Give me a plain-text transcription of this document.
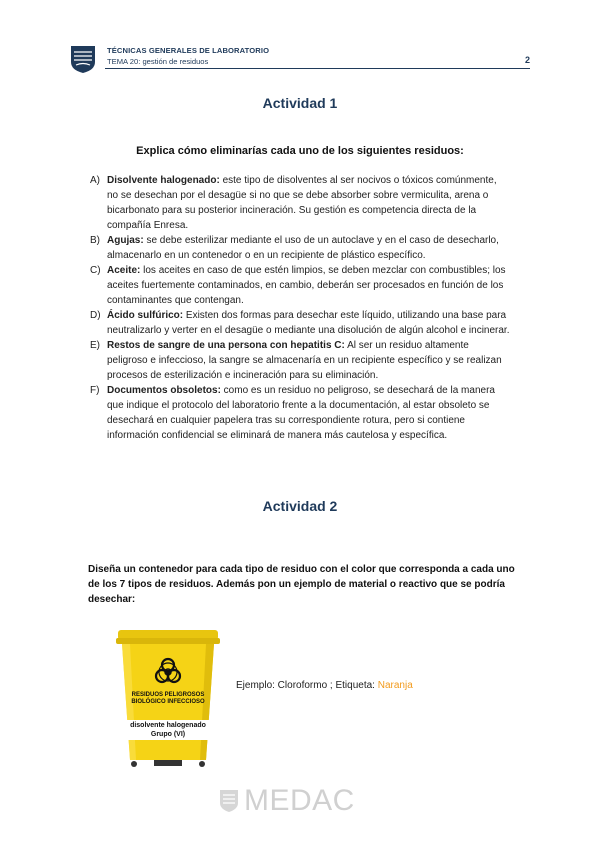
TÉCNICAS GENERALES DE LABORATORIO
TEMA 20: gestión de residuos	2
Actividad 1
Explica cómo eliminarías cada uno de los siguientes residuos:
A) Disolvente halogenado: este tipo de disolventes al ser nocivos o tóxicos comúnmente, no se desechan por el desagüe si no que se debe absorber sobre vermiculita, arena o bicarbonato para su posterior incineración. Su gestión es competencia directa de la compañía Enresa.
B) Agujas: se debe esterilizar mediante el uso de un autoclave y en el caso de desecharlo, almacenarlo en un contenedor o en un recipiente de plástico específico.
C) Aceite: los aceites en caso de que estén limpios, se deben mezclar con combustibles; los aceites fuertemente contaminados, en cambio, deberán ser procesados en función de los contaminantes que contengan.
D) Ácido sulfúrico: Existen dos formas para desechar este líquido, utilizando una base para neutralizarlo y verter en el desagüe o mediante una disolución de algún alcohol e incinerar.
E) Restos de sangre de una persona con hepatitis C: Al ser un residuo altamente peligroso e infeccioso, la sangre se almacenaría en un recipiente específico y se realizan procesos de esterilización e incineración para su eliminación.
F) Documentos obsoletos: como es un residuo no peligroso, se desechará de la manera que indique el protocolo del laboratorio frente a la documentación, al estar obsoleto se desechará en cualquier papelera tras su correspondiente rotura, pero si contiene información confidencial se eliminará de manera más cautelosa y específica.
Actividad 2
Diseña un contenedor para cada tipo de residuo con el color que corresponda a cada uno de los 7 tipos de residuos. Además pon un ejemplo de material o reactivo que se podría desechar:
RESIDUOS PELIGROSOS
BIOLÓGICO INFECCIOSO
disolvente halogenado
Grupo (VI)
Ejemplo: Cloroformo ; Etiqueta: Naranja
MEDAC
